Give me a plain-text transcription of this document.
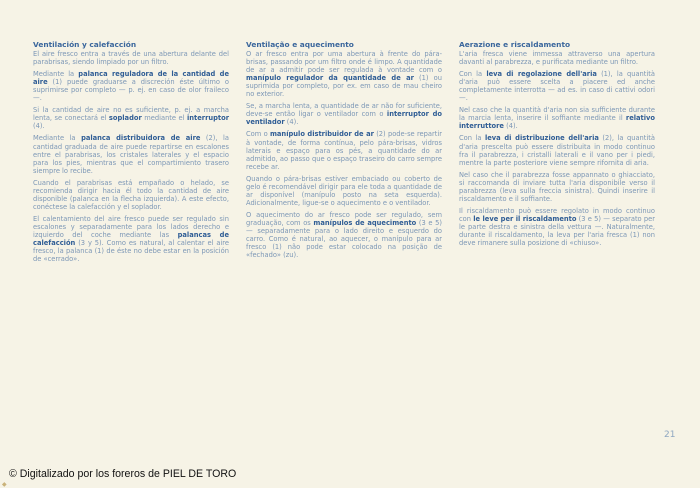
Ventilación y calefacción

El aire fresco entra a través de una abertura delante del parabrisas, siendo limpiado por un filtro.

Mediante la palanca reguladora de la cantidad de aire (1) puede graduarse a discreción éste último o suprimirse por completo — p. ej. en caso de olor fraileco —.

Si la cantidad de aire no es suficiente, p. ej. a marcha lenta, se conectará el soplador mediante el interruptor (4).

Mediante la palanca distribuidora de aire (2), la cantidad graduada de aire puede repartirse en escalones entre el parabrisas, los cristales laterales y el espacio para los pies, mientras que el compartimiento trasero siempre lo recibe.

Cuando el parabrisas está empañado o helado, se recomienda dirigir hacia él todo la cantidad de aire disponible (palanca en la flecha izquierda). A este efecto, conéctese la calefacción y el soplador.

El calentamiento del aire fresco puede ser regulado sin escalones y separadamente para los lados derecho e izquierdo del coche mediante las palancas de calefacción (3 y 5). Como es natural, al calentar el aire fresco, la palanca (1) de éste no debe estar en la posición de «cerrado».

Ventilação e aquecimento

O ar fresco entra por uma abertura à frente do pára-brisas, passando por um filtro onde é limpo. A quantidade de ar a admitir pode ser regulada à vontade com o manípulo regulador da quantidade de ar (1) ou suprimida por completo, por ex. em caso de mau cheiro no exterior.

Se, a marcha lenta, a quantidade de ar não for suficiente, deve-se então ligar o ventilador com o interruptor do ventilador (4).

Com o manípulo distribuidor de ar (2) pode-se repartir à vontade, de forma contínua, pelo pára-brisas, vidros laterais e espaço para os pés, a quantidade do ar admitido, ao passo que o espaço traseiro do carro sempre recebe ar.

Quando o pára-brisas estiver embaciado ou coberto de gelo é recomendável dirigir para ele toda a quantidade de ar disponível (manípulo posto na seta esquerda). Adicionalmente, ligue-se o aquecimento e o ventilador.

O aquecimento do ar fresco pode ser regulado, sem graduação, com os manípulos de aquecimento (3 e 5) — separadamente para o lado direito e esquerdo do carro. Como é natural, ao aquecer, o manípulo para ar fresco (1) não pode estar colocado na posição de «fechado» (zu).

Aerazione e riscaldamento

L'aria fresca viene immessa attraverso una apertura davanti al parabrezza, e purificata mediante un filtro.

Con la leva di regolazione dell'aria (1), la quantità d'aria può essere scelta a piacere ed anche completamente interrotta — ad es. in caso di cattivi odori —.

Nel caso che la quantità d'aria non sia sufficiente durante la marcia lenta, inserire il soffiante mediante il relativo interruttore (4).

Con la leva di distribuzione dell'aria (2), la quantità d'aria prescelta può essere distribuita in modo continuo fra il parabrezza, i cristalli laterali e il vano per i piedi, mentre la parte posteriore viene sempre rifornita di aria.

Nel caso che il parabrezza fosse appannato o ghiacciato, si raccomanda di inviare tutta l'aria disponibile verso il parabrezza (leva sulla freccia sinistra). Quindi inserire il riscaldamento e il soffiante.

Il riscaldamento può essere regolato in modo continuo con le leve per il riscaldamento (3 e 5) — separato per le parte destra e sinistra della vettura —. Naturalmente, durante il riscaldamento, la leva per l'aria fresca (1) non deve rimanere sulla posizione di «chiuso».

21
© Digitalizado por los foreros de PIEL DE TORO
◆
